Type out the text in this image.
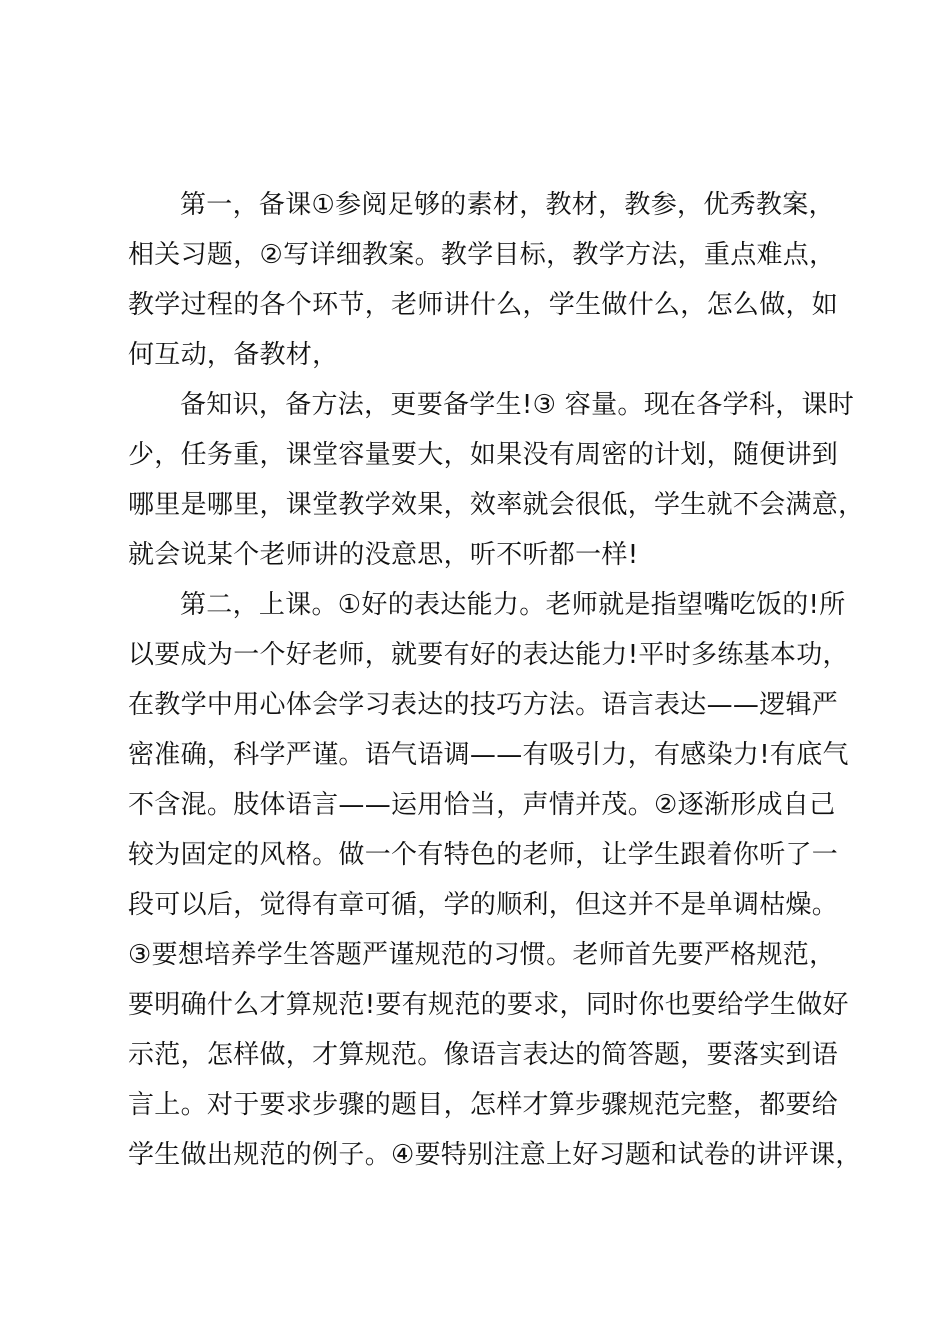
第一，备课①参阅足够的素材，教材，教参，优秀教案，
相关习题，②写详细教案。教学目标，教学方法，重点难点，
教学过程的各个环节，老师讲什么，学生做什么，怎么做，如
何互动，备教材，
备知识，备方法，更要备学生!③ 容量。现在各学科，课时
少，任务重，课堂容量要大，如果没有周密的计划，随便讲到
哪里是哪里，课堂教学效果，效率就会很低，学生就不会满意，
就会说某个老师讲的没意思，听不听都一样!
第二，上课。①好的表达能力。老师就是指望嘴吃饭的!所
以要成为一个好老师，就要有好的表达能力!平时多练基本功，
在教学中用心体会学习表达的技巧方法。语言表达——逻辑严
密准确，科学严谨。语气语调——有吸引力，有感染力!有底气
不含混。肢体语言——运用恰当，声情并茂。②逐渐形成自己
较为固定的风格。做一个有特色的老师，让学生跟着你听了一
段可以后，觉得有章可循，学的顺利，但这并不是单调枯燥。
③要想培养学生答题严谨规范的习惯。老师首先要严格规范，
要明确什么才算规范!要有规范的要求，同时你也要给学生做好
示范，怎样做，才算规范。像语言表达的简答题，要落实到语
言上。对于要求步骤的题目，怎样才算步骤规范完整，都要给
学生做出规范的例子。④要特别注意上好习题和试卷的讲评课，
